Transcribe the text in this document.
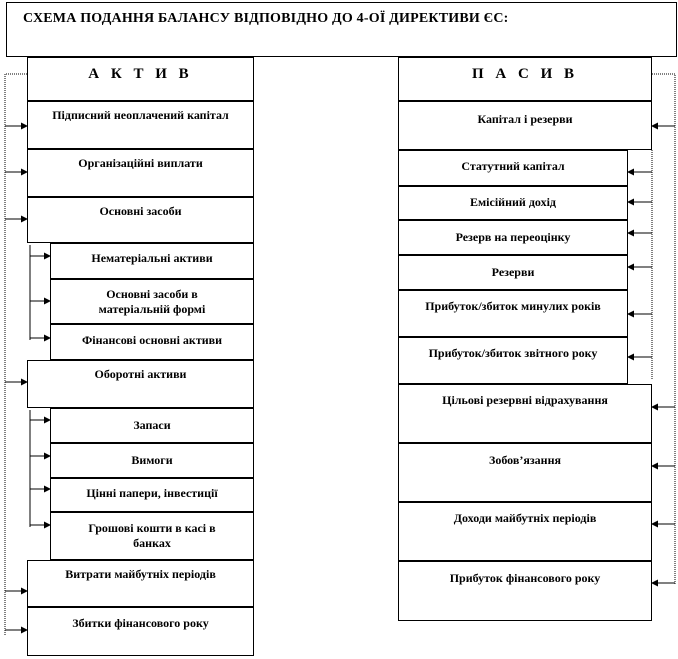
СХЕМА ПОДАННЯ БАЛАНСУ ВІДПОВІДНО ДО 4-ОЇ ДИРЕКТИВИ ЄС:
А К Т И В
Підписний неоплачений капітал
Організаційні виплати
Основні засоби
Нематеріальні активи
Основні засоби в матеріальній формі
Фінансові основні активи
Оборотні активи
Запаси
Вимоги
Цінні папери, інвестиції
Грошові кошти в касі в банках
Витрати майбутніх періодів
Збитки фінансового року
П А С И В
Капітал і резерви
Статутний капітал
Емісійний дохід
Резерв на переоцінку
Резерви
Прибуток/збиток минулих років
Прибуток/збиток звітного року
Цільові резервні відрахування
Зобов’язання
Доходи майбутніх періодів
Прибуток фінансового року
